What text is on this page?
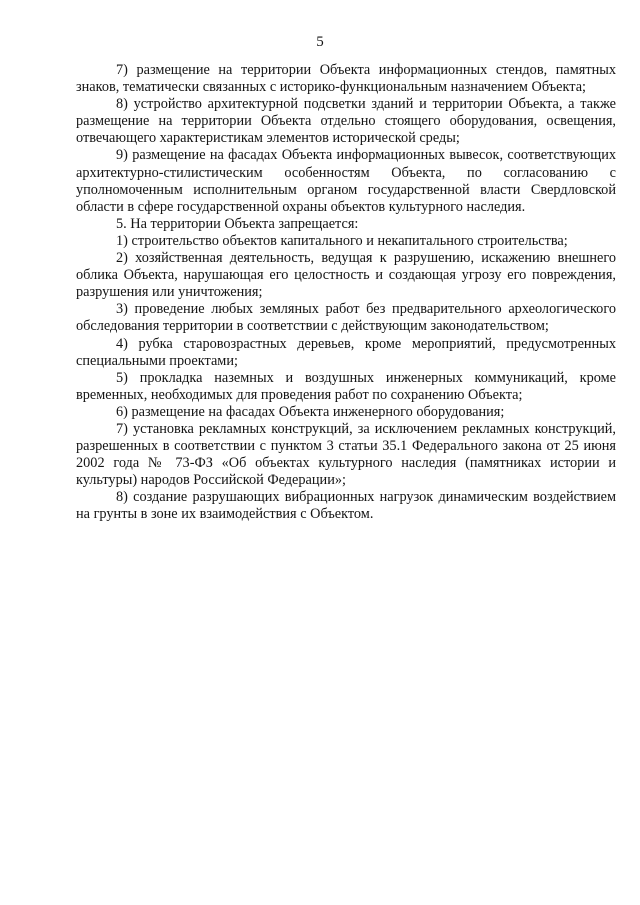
5

7) размещение на территории Объекта информационных стендов, памятных знаков, тематически связанных с историко-функциональным назначением Объекта;

8) устройство архитектурной подсветки зданий и территории Объекта, а также размещение на территории Объекта отдельно стоящего оборудования, освещения, отвечающего характеристикам элементов исторической среды;

9) размещение на фасадах Объекта информационных вывесок, соответствующих архитектурно-стилистическим особенностям Объекта, по согласованию с уполномоченным исполнительным органом государственной власти Свердловской области в сфере государственной охраны объектов культурного наследия.

5. На территории Объекта запрещается:

1) строительство объектов капитального и некапитального строительства;

2) хозяйственная деятельность, ведущая к разрушению, искажению внешнего облика Объекта, нарушающая его целостность и создающая угрозу его повреждения, разрушения или уничтожения;

3) проведение любых земляных работ без предварительного археологического обследования территории в соответствии с действующим законодательством;

4) рубка старовозрастных деревьев, кроме мероприятий, предусмотренных специальными проектами;

5) прокладка наземных и воздушных инженерных коммуникаций, кроме временных, необходимых для проведения работ по сохранению Объекта;

6) размещение на фасадах Объекта инженерного оборудования;

7) установка рекламных конструкций, за исключением рекламных конструкций, разрешенных в соответствии с пунктом 3 статьи 35.1 Федерального закона от 25 июня 2002 года № 73-ФЗ «Об объектах культурного наследия (памятниках истории и культуры) народов Российской Федерации»;

8) создание разрушающих вибрационных нагрузок динамическим воздействием на грунты в зоне их взаимодействия с Объектом.
